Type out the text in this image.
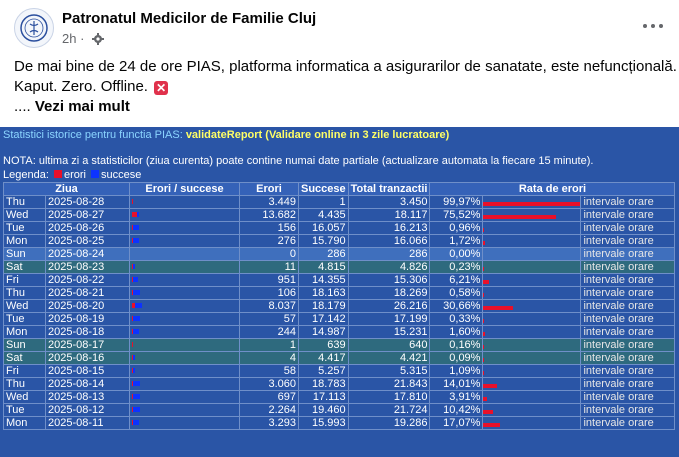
Patronatul Medicilor de Familie Cluj
2h ·
De mai bine de 24 de ore PIAS, platforma informatica a asigurarilor de sanatate, este nefuncțională.
Kaput. Zero. Offline. ✕
.... Vezi mai mult
Statistici istorice pentru functia PIAS: validateReport (Validare online in 3 zile lucratoare)
NOTA: ultima zi a statisticilor (ziua curenta) poate contine numai date partiale (actualizare automata la fiecare 15 minute).
Legenda: erori succese
Ziua		Erori / succese	Erori	Succese	Total tranzactii	Rata de erori		
Thu	2025-08-28		3.449	1	3.450	99,97%		intervale orare
Wed	2025-08-27		13.682	4.435	18.117	75,52%		intervale orare
Tue	2025-08-26		156	16.057	16.213	0,96%		intervale orare
Mon	2025-08-25		276	15.790	16.066	1,72%		intervale orare
Sun	2025-08-24		0	286	286	0,00%		intervale orare
Sat	2025-08-23		11	4.815	4.826	0,23%		intervale orare
Fri	2025-08-22		951	14.355	15.306	6,21%		intervale orare
Thu	2025-08-21		106	18.163	18.269	0,58%		intervale orare
Wed	2025-08-20		8.037	18.179	26.216	30,66%		intervale orare
Tue	2025-08-19		57	17.142	17.199	0,33%		intervale orare
Mon	2025-08-18		244	14.987	15.231	1,60%		intervale orare
Sun	2025-08-17		1	639	640	0,16%		intervale orare
Sat	2025-08-16		4	4.417	4.421	0,09%		intervale orare
Fri	2025-08-15		58	5.257	5.315	1,09%		intervale orare
Thu	2025-08-14		3.060	18.783	21.843	14,01%		intervale orare
Wed	2025-08-13		697	17.113	17.810	3,91%		intervale orare
Tue	2025-08-12		2.264	19.460	21.724	10,42%		intervale orare
Mon	2025-08-11		3.293	15.993	19.286	17,07%		intervale orare
